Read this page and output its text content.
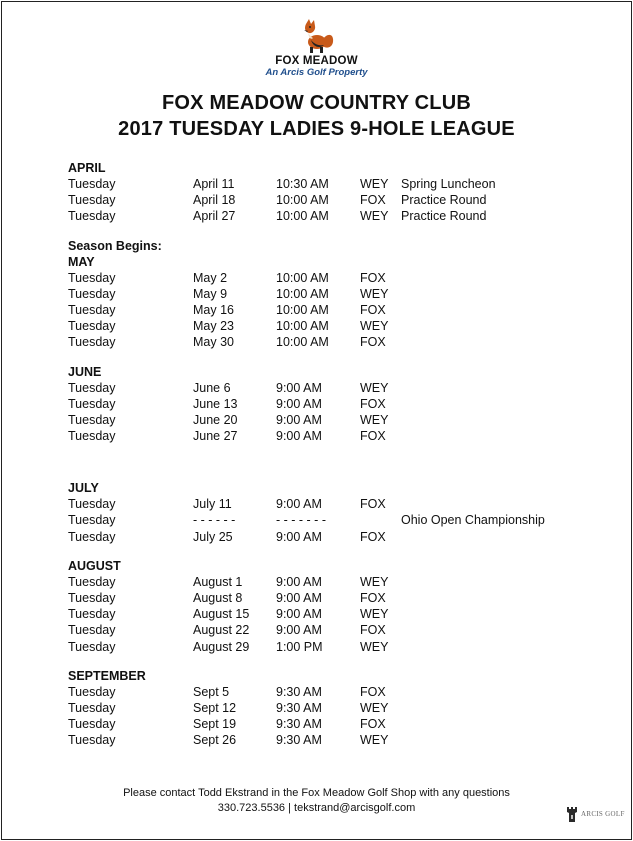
FOX MEADOW
An Arcis Golf Property
FOX MEADOW COUNTRY CLUB
2017 TUESDAY LADIES 9-HOLE LEAGUE
APRIL
Tuesday	April 11	10:30 AM WEY Spring Luncheon
Tuesday	April 18	10:00 AM FOX Practice Round
Tuesday	April 27	10:00 AM WEY Practice Round
Season Begins:
MAY
Tuesday	May 2	10:00 AM FOX
Tuesday	May 9	10:00 AM WEY
Tuesday	May 16	10:00 AM FOX
Tuesday	May 23	10:00 AM WEY
Tuesday	May 30	10:00 AM FOX
JUNE
Tuesday	June 6	9:00 AM	WEY
Tuesday	June 13	9:00 AM	FOX
Tuesday	June 20	9:00 AM	WEY
Tuesday	June 27	9:00 AM	FOX
JULY
Tuesday	July 11	9:00 AM	FOX
Tuesday	- - - - - -	- - - - - - -	Ohio Open Championship
Tuesday	July 25	9:00 AM	FOX
AUGUST
Tuesday	August 1	9:00 AM	WEY
Tuesday	August 8	9:00 AM	FOX
Tuesday	August 15 9:00 AM	WEY
Tuesday	August 22 9:00 AM	FOX
Tuesday	August 29 1:00 PM	WEY
SEPTEMBER
Tuesday	Sept 5	9:30 AM	FOX
Tuesday	Sept 12	9:30 AM	WEY
Tuesday	Sept 19	9:30 AM	FOX
Tuesday	Sept 26	9:30 AM	WEY
Please contact Todd Ekstrand in the Fox Meadow Golf Shop with any questions
330.723.5536 | tekstrand@arcisgolf.com	ARCIS GOLF
